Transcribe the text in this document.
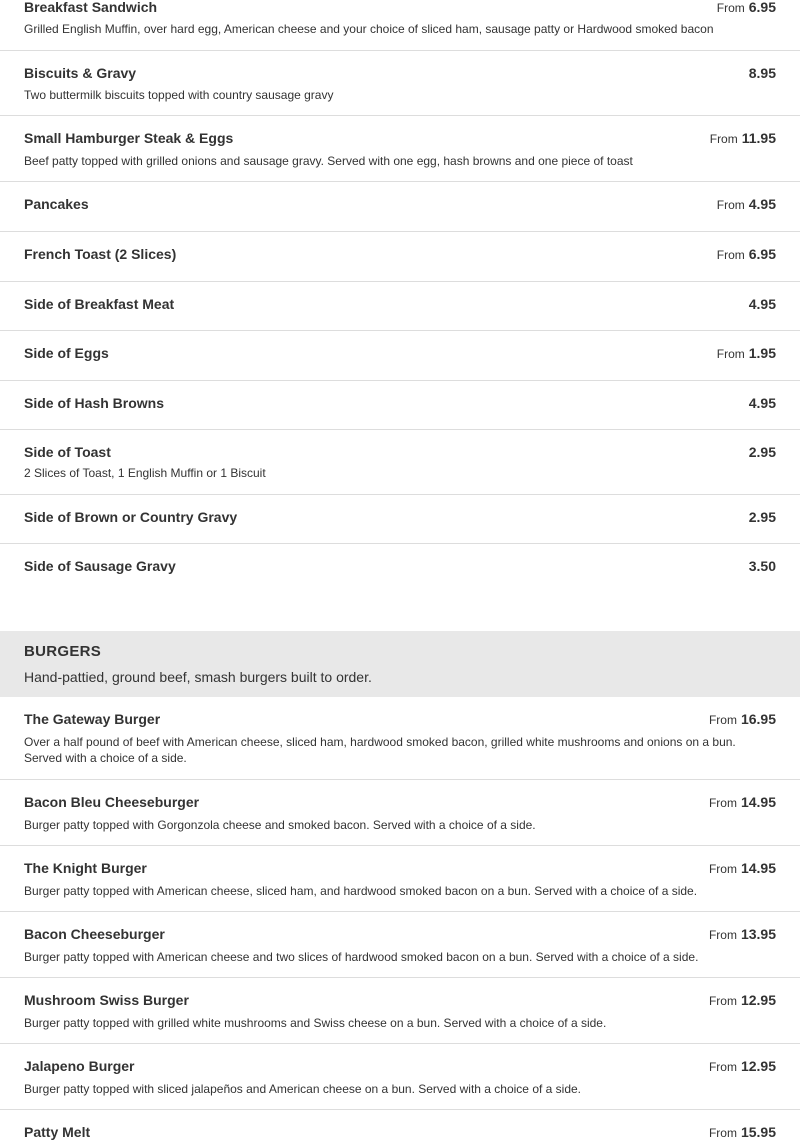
Breakfast Sandwich	From 6.95
Grilled English Muffin, over hard egg, American cheese and your choice of sliced ham, sausage patty or Hardwood smoked bacon
Biscuits & Gravy	8.95
Two buttermilk biscuits topped with country sausage gravy
Small Hamburger Steak & Eggs	From 11.95
Beef patty topped with grilled onions and sausage gravy. Served with one egg, hash browns and one piece of toast
Pancakes	From 4.95
French Toast (2 Slices)	From 6.95
Side of Breakfast Meat	4.95
Side of Eggs	From 1.95
Side of Hash Browns	4.95
Side of Toast	2.95
2 Slices of Toast, 1 English Muffin or 1 Biscuit
Side of Brown or Country Gravy	2.95
Side of Sausage Gravy	3.50
BURGERS
Hand-pattied, ground beef, smash burgers built to order.
The Gateway Burger	From 16.95
Over a half pound of beef with American cheese, sliced ham, hardwood smoked bacon, grilled white mushrooms and onions on a bun. Served with a choice of a side.
Bacon Bleu Cheeseburger	From 14.95
Burger patty topped with Gorgonzola cheese and smoked bacon. Served with a choice of a side.
The Knight Burger	From 14.95
Burger patty topped with American cheese, sliced ham, and hardwood smoked bacon on a bun. Served with a choice of a side.
Bacon Cheeseburger	From 13.95
Burger patty topped with American cheese and two slices of hardwood smoked bacon on a bun. Served with a choice of a side.
Mushroom Swiss Burger	From 12.95
Burger patty topped with grilled white mushrooms and Swiss cheese on a bun. Served with a choice of a side.
Jalapeno Burger	From 12.95
Burger patty topped with sliced jalapeños and American cheese on a bun. Served with a choice of a side.
Patty Melt	From 15.95
